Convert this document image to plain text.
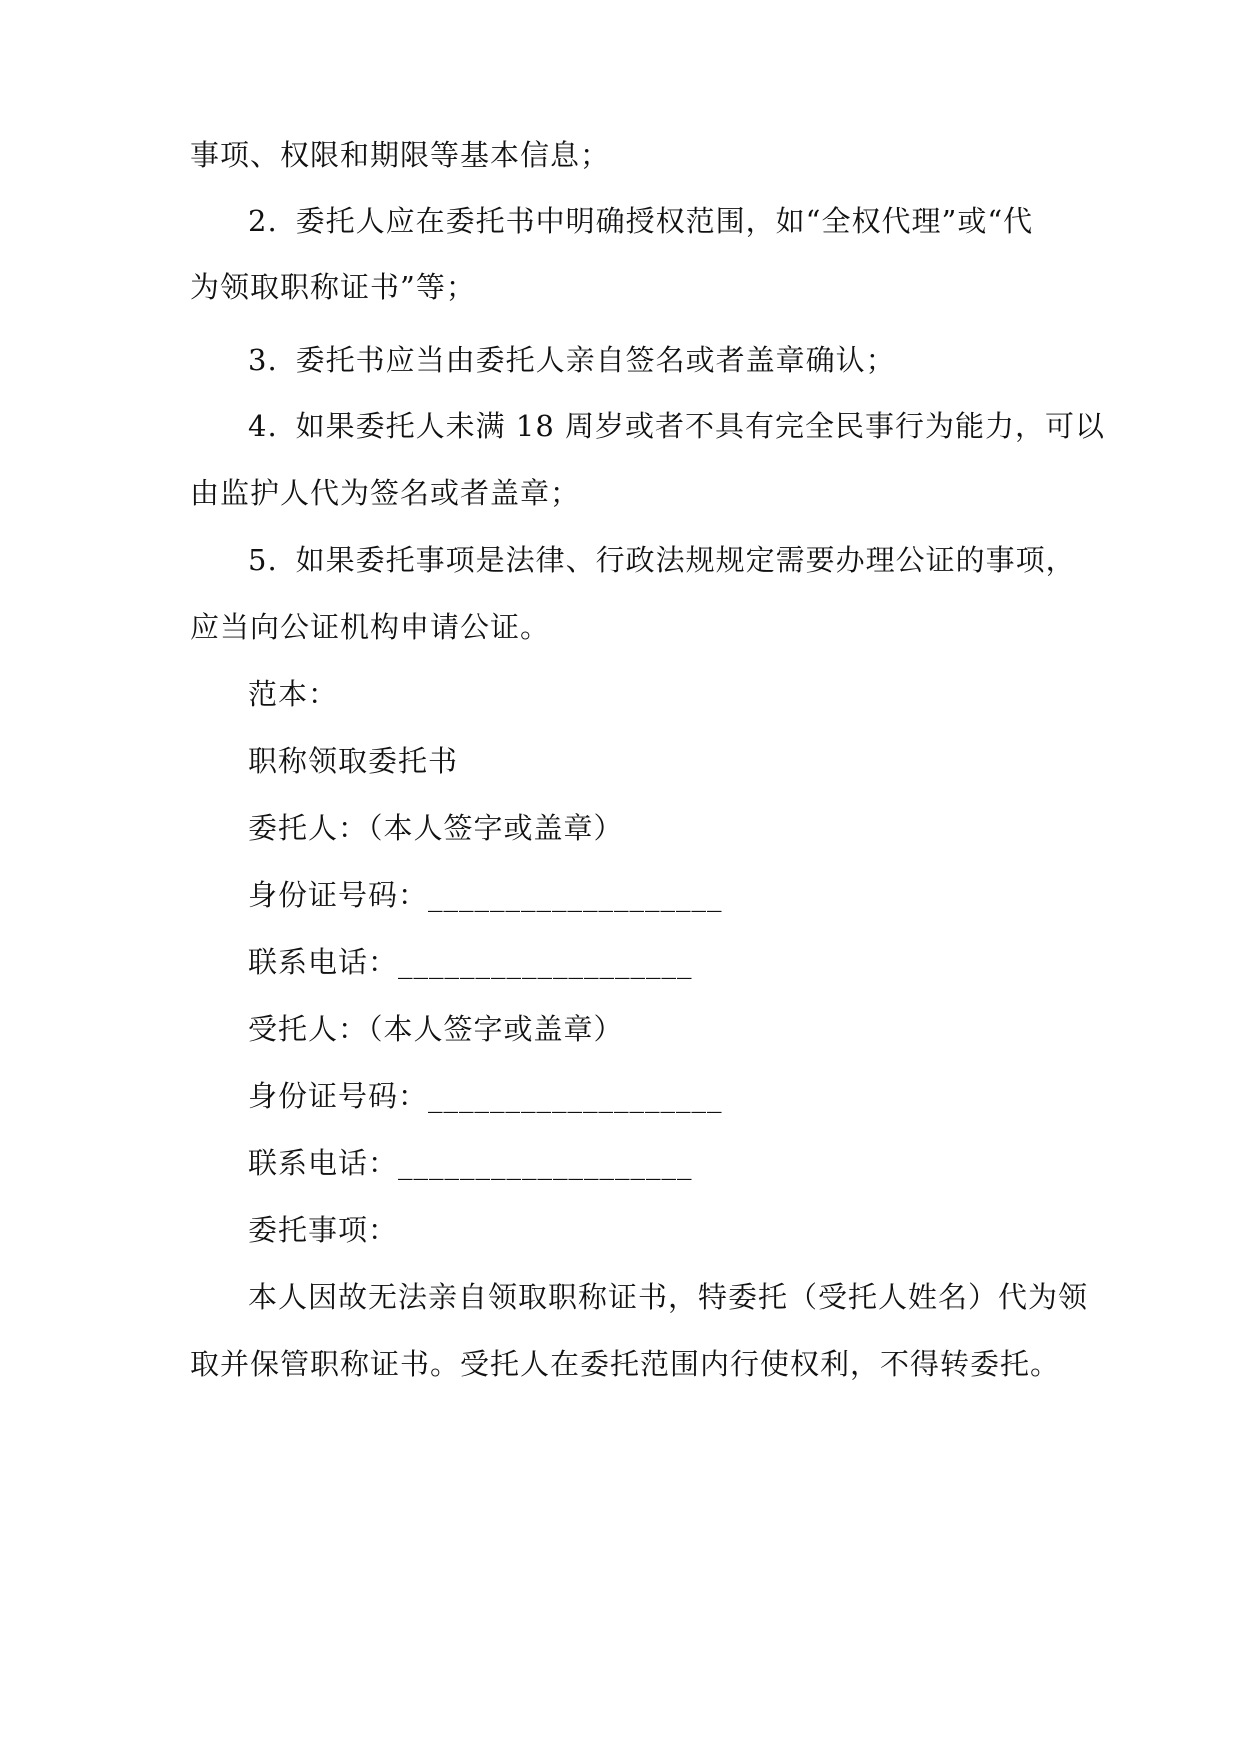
事项、权限和期限等基本信息；
2. 委托人应在委托书中明确授权范围，如“全权代理”或“代
为领取职称证书”等；
3. 委托书应当由委托人亲自签名或者盖章确认；
4. 如果委托人未满 18 周岁或者不具有完全民事行为能力，可以
由监护人代为签名或者盖章；
5. 如果委托事项是法律、行政法规规定需要办理公证的事项，
应当向公证机构申请公证。
范本：
职称领取委托书
委托人：（本人签字或盖章）
身份证号码：___________________
联系电话：___________________
受托人：（本人签字或盖章）
身份证号码：___________________
联系电话：___________________
委托事项：
本人因故无法亲自领取职称证书，特委托（受托人姓名）代为领
取并保管职称证书。受托人在委托范围内行使权利，不得转委托。
